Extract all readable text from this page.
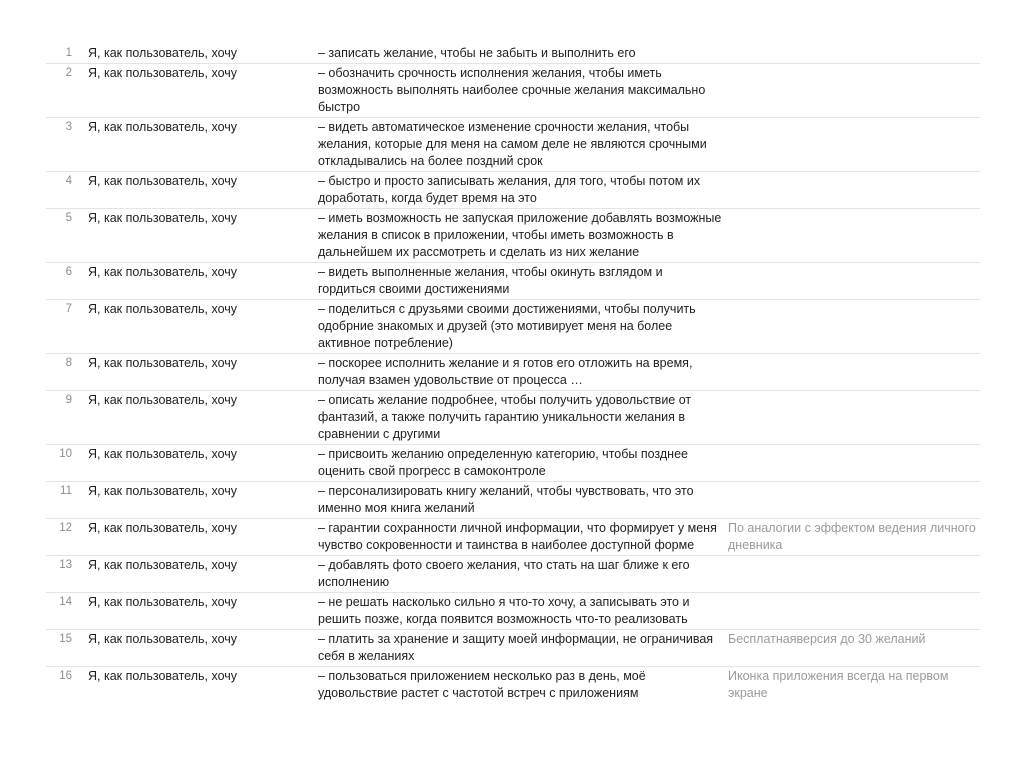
1	Я, как пользователь, хочу	– записать желание, чтобы не забыть и выполнить его	
2	Я, как пользователь, хочу	– обозначить срочность исполнения желания, чтобы иметь возможность выполнять наиболее срочные желания максимально быстро	
3	Я, как пользователь, хочу	– видеть автоматическое изменение срочности желания, чтобы желания, которые для меня на самом деле не являются срочными откладывались на более поздний срок	
4	Я, как пользователь, хочу	– быстро и просто записывать желания, для того, чтобы потом их доработать, когда будет время на это	
5	Я, как пользователь, хочу	– иметь возможность не запуская приложение добавлять возможные желания в список в приложении, чтобы иметь возможность в дальнейшем их рассмотреть и сделать из них желание	
6	Я, как пользователь, хочу	– видеть выполненные желания, чтобы окинуть взглядом и гордиться своими достижениями	
7	Я, как пользователь, хочу	– поделиться с друзьями своими достижениями, чтобы получить одобрние знакомых и друзей (это мотивирует меня на более активное потребление)	
8	Я, как пользователь, хочу	– поскорее исполнить желание и я готов его отложить на время, получая взамен удовольствие от процесса …	
9	Я, как пользователь, хочу	– описать желание подробнее, чтобы получить удовольствие от фантазий, а также получить гарантию уникальности желания в сравнении с другими	
10	Я, как пользователь, хочу	– присвоить желанию определенную категорию, чтобы позднее оценить свой прогресс в самоконтроле	
11	Я, как пользователь, хочу	– персонализировать книгу желаний, чтобы чувствовать, что это именно моя книга желаний	
12	Я, как пользователь, хочу	– гарантии сохранности личной информации, что формирует у меня чувство сокровенности и таинства в наиболее доступной форме	По аналогии с эффектом ведения личного дневника
13	Я, как пользователь, хочу	– добавлять фото своего желания, что стать на шаг ближе к его исполнению	
14	Я, как пользователь, хочу	– не решать насколько сильно я что-то хочу, а записывать это и решить позже, когда появится возможность что-то реализовать	
15	Я, как пользователь, хочу	– платить за хранение и защиту моей информации, не ограничивая себя в желаниях	Бесплатнаяверсия до 30 желаний
16	Я, как пользователь, хочу	– пользоваться приложением несколько раз в день, моё удовольствие растет с частотой встреч с приложениям	Иконка приложения всегда на первом экране
